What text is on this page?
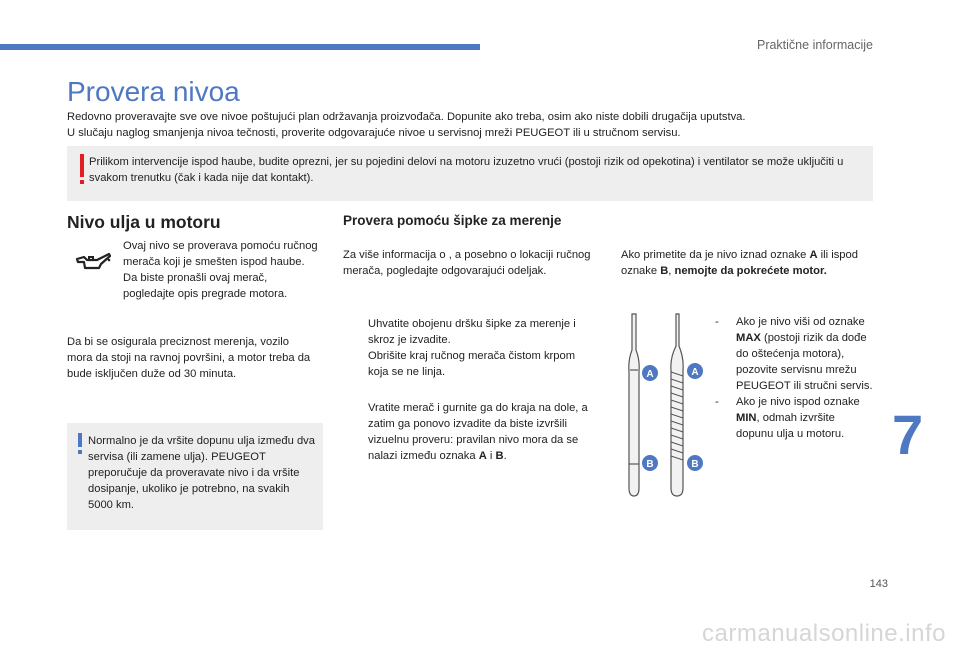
Praktične informacije
Provera nivoa

Redovno proveravajte sve ove nivoe poštujući plan održavanja proizvođača. Dopunite ako treba, osim ako niste dobili drugačija uputstva.

U slučaju naglog smanjenja nivoa tečnosti, proverite odgovarajuće nivoe u servisnoj mreži PEUGEOT ili u stručnom servisu.

Prilikom intervencije ispod haube, budite oprezni, jer su pojedini delovi na motoru izuzetno vrući (postoji rizik od opekotina) i ventilator se može uključiti u svakom trenutku (čak i kada nije dat kontakt).
Nivo ulja u motoru
Ovaj nivo se proverava pomoću ručnog merača koji je smešten ispod haube. Da biste pronašli ovaj merač, pogledajte opis pregrade motora.
Da bi se osigurala preciznost merenja, vozilo mora da stoji na ravnoj površini, a motor treba da bude isključen duže od 30 minuta.
Normalno je da vršite dopunu ulja između dva servisa (ili zamene ulja). PEUGEOT preporučuje da proveravate nivo i da vršite dosipanje, ukoliko je potrebno, na svakih 5000 km.
Provera pomoću šipke za merenje
Za više informacija o , a posebno o lokaciji ručnog merača, pogledajte odgovarajući odeljak.
Uhvatite obojenu dršku šipke za merenje i skroz je izvadite.
Obrišite kraj ručnog merača čistom krpom koja se ne linja.
Vratite merač i gurnite ga do kraja na dole, a zatim ga ponovo izvadite da biste izvršili vizuelnu proveru: pravilan nivo mora da se nalazi između oznaka A i B.
Ako primetite da je nivo iznad oznake A ili ispod oznake B, nemojte da pokrećete motor.
A	A
B	B
- Ako je nivo viši od oznake MAX (postoji rizik da dođe do oštećenja motora), pozovite servisnu mrežu PEUGEOT ili stručni servis.
- Ako je nivo ispod oznake MIN, odmah izvršite dopunu ulja u motoru. 7
143
carmanualsonline.info
